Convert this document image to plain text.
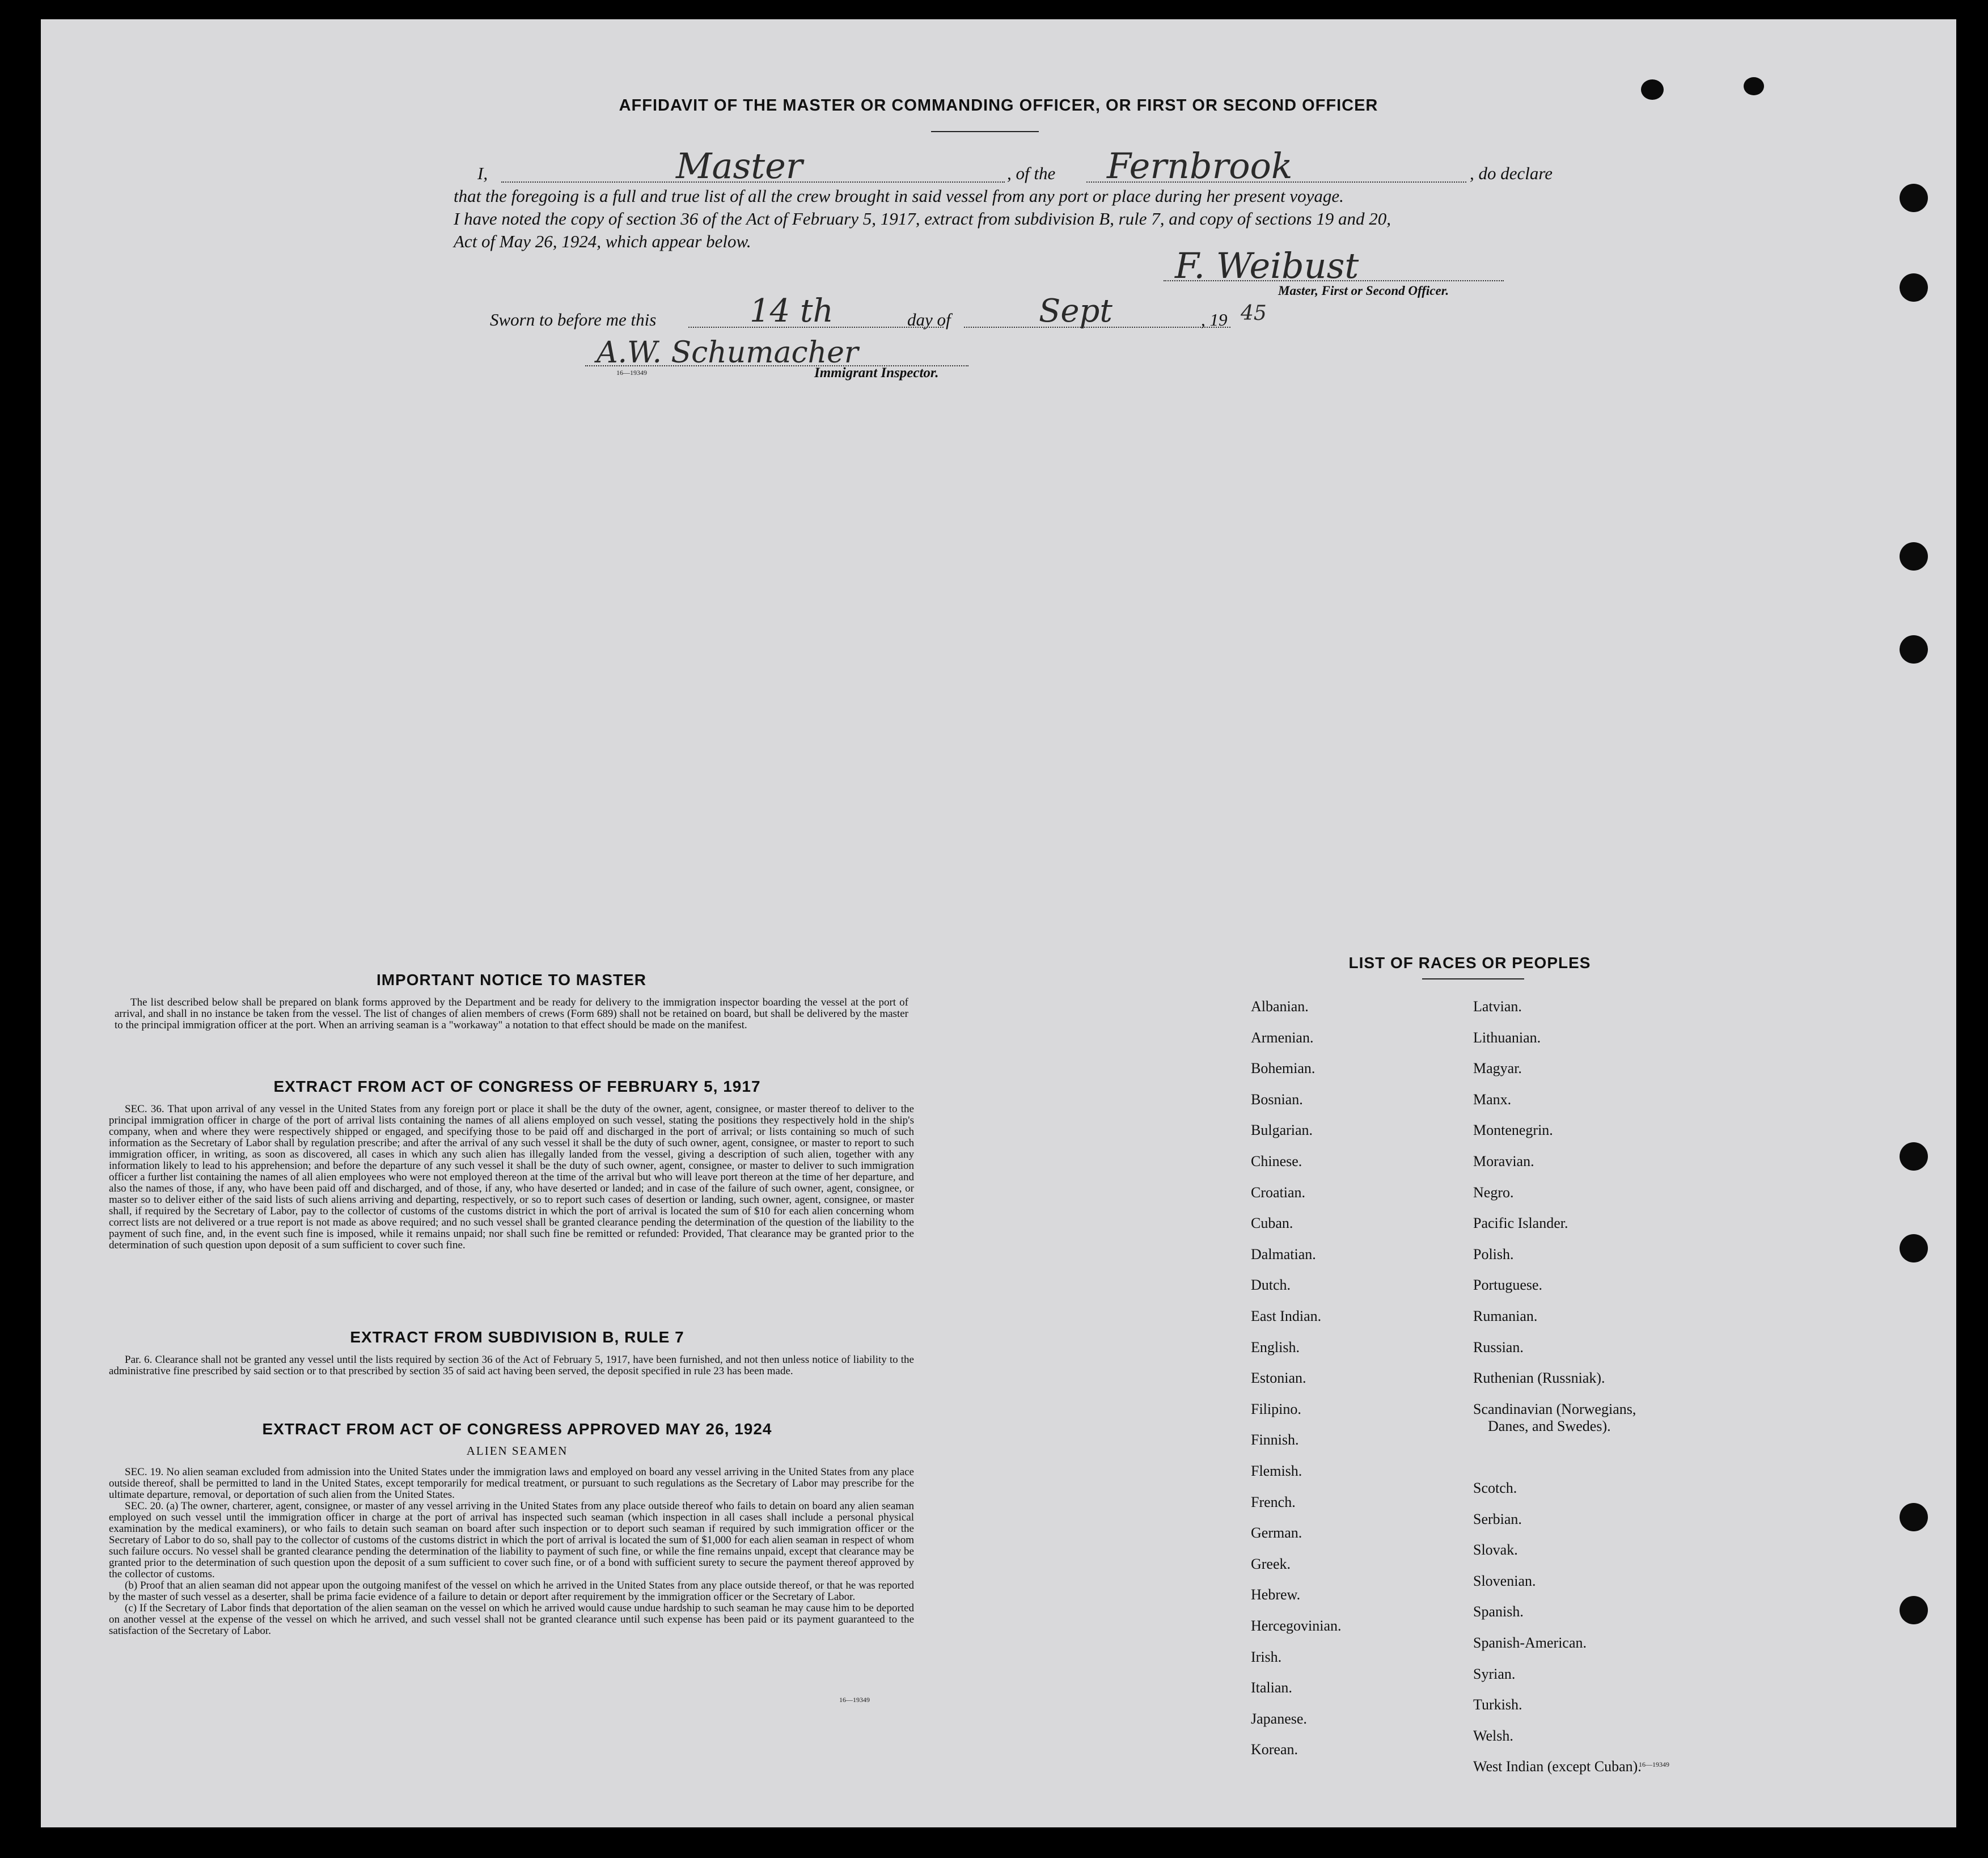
AFFIDAVIT OF THE MASTER OR COMMANDING OFFICER, OR FIRST OR SECOND OFFICER
I,	Master	, of the Fernbrook	, do declare
that the foregoing is a full and true list of all the crew brought in said vessel from any port or place during her present voyage.
I have noted the copy of section 36 of the Act of February 5, 1917, extract from subdivision B, rule 7, and copy of sections 19 and 20,
Act of May 26, 1924, which appear below.
F. Weibust
Master, First or Second Officer.
Sworn to before me this	14 th	day of	Sept	, 19 45
A.W. Schumacher
16—19349	Immigrant Inspector.
IMPORTANT NOTICE TO MASTER

The list described below shall be prepared on blank forms approved by the Department and be ready for delivery to the immigration inspector boarding the vessel at the port of arrival, and shall in no instance be taken from the vessel. The list of changes of alien members of crews (Form 689) shall not be retained on board, but shall be delivered by the master to the principal immigration officer at the port. When an arriving seaman is a "workaway" a notation to that effect should be made on the manifest.

EXTRACT FROM ACT OF CONGRESS OF FEBRUARY 5, 1917

SEC. 36. That upon arrival of any vessel in the United States from any foreign port or place it shall be the duty of the owner, agent, consignee, or master thereof to deliver to the principal immigration officer in charge of the port of arrival lists containing the names of all aliens employed on such vessel, stating the positions they respectively hold in the ship's company, when and where they were respectively shipped or engaged, and specifying those to be paid off and discharged in the port of arrival; or lists containing so much of such information as the Secretary of Labor shall by regulation prescribe; and after the arrival of any such vessel it shall be the duty of such owner, agent, consignee, or master to report to such immigration officer, in writing, as soon as discovered, all cases in which any such alien has illegally landed from the vessel, giving a description of such alien, together with any information likely to lead to his apprehension; and before the departure of any such vessel it shall be the duty of such owner, agent, consignee, or master to deliver to such immigration officer a further list containing the names of all alien employees who were not employed thereon at the time of the arrival but who will leave port thereon at the time of her departure, and also the names of those, if any, who have been paid off and discharged, and of those, if any, who have deserted or landed; and in case of the failure of such owner, agent, consignee, or master so to deliver either of the said lists of such aliens arriving and departing, respectively, or so to report such cases of desertion or landing, such owner, agent, consignee, or master shall, if required by the Secretary of Labor, pay to the collector of customs of the customs district in which the port of arrival is located the sum of $10 for each alien concerning whom correct lists are not delivered or a true report is not made as above required; and no such vessel shall be granted clearance pending the determination of the question of the liability to the payment of such fine, and, in the event such fine is imposed, while it remains unpaid; nor shall such fine be remitted or refunded: Provided, That clearance may be granted prior to the determination of such question upon deposit of a sum sufficient to cover such fine.

EXTRACT FROM SUBDIVISION B, RULE 7

Par. 6. Clearance shall not be granted any vessel until the lists required by section 36 of the Act of February 5, 1917, have been furnished, and not then unless notice of liability to the administrative fine prescribed by said section or to that prescribed by section 35 of said act having been served, the deposit specified in rule 23 has been made.

EXTRACT FROM ACT OF CONGRESS APPROVED MAY 26, 1924
ALIEN SEAMEN

SEC. 19. No alien seaman excluded from admission into the United States under the immigration laws and employed on board any vessel arriving in the United States from any place outside thereof, shall be permitted to land in the United States, except temporarily for medical treatment, or pursuant to such regulations as the Secretary of Labor may prescribe for the ultimate departure, removal, or deportation of such alien from the United States.

SEC. 20. (a) The owner, charterer, agent, consignee, or master of any vessel arriving in the United States from any place outside thereof who fails to detain on board any alien seaman employed on such vessel until the immigration officer in charge at the port of arrival has inspected such seaman (which inspection in all cases shall include a personal physical examination by the medical examiners), or who fails to detain such seaman on board after such inspection or to deport such seaman if required by such immigration officer or the Secretary of Labor to do so, shall pay to the collector of customs of the customs district in which the port of arrival is located the sum of $1,000 for each alien seaman in respect of whom such failure occurs. No vessel shall be granted clearance pending the determination of the liability to payment of such fine, or while the fine remains unpaid, except that clearance may be granted prior to the determination of such question upon the deposit of a sum sufficient to cover such fine, or of a bond with sufficient surety to secure the payment thereof approved by the collector of customs.

(b) Proof that an alien seaman did not appear upon the outgoing manifest of the vessel on which he arrived in the United States from any place outside thereof, or that he was reported by the master of such vessel as a deserter, shall be prima facie evidence of a failure to detain or deport after requirement by the immigration officer or the Secretary of Labor.

(c) If the Secretary of Labor finds that deportation of the alien seaman on the vessel on which he arrived would cause undue hardship to such seaman he may cause him to be deported on another vessel at the expense of the vessel on which he arrived, and such vessel shall not be granted clearance until such expense has been paid or its payment guaranteed to the satisfaction of the Secretary of Labor.

16—19349
LIST OF RACES OR PEOPLES
Albanian.
Armenian.
Bohemian.
Bosnian.
Bulgarian.
Chinese.
Croatian.
Cuban.
Dalmatian.
Dutch.
East Indian.
English.
Estonian.
Filipino.
Finnish.
Flemish.
French.
German.
Greek.
Hebrew.
Hercegovinian.
Irish.
Italian.
Japanese.
Korean.
Latvian.
Lithuanian.
Magyar.
Manx.
Montenegrin.
Moravian.
Negro.
Pacific Islander.
Polish.
Portuguese.
Rumanian.
Russian.
Ruthenian (Russniak).
Scandinavian (Norwegians,
Danes, and Swedes).
Scotch.
Serbian.
Slovak.
Slovenian.
Spanish.
Spanish-American.
Syrian.
Turkish.
Welsh.
West Indian (except Cuban).
16—19349
